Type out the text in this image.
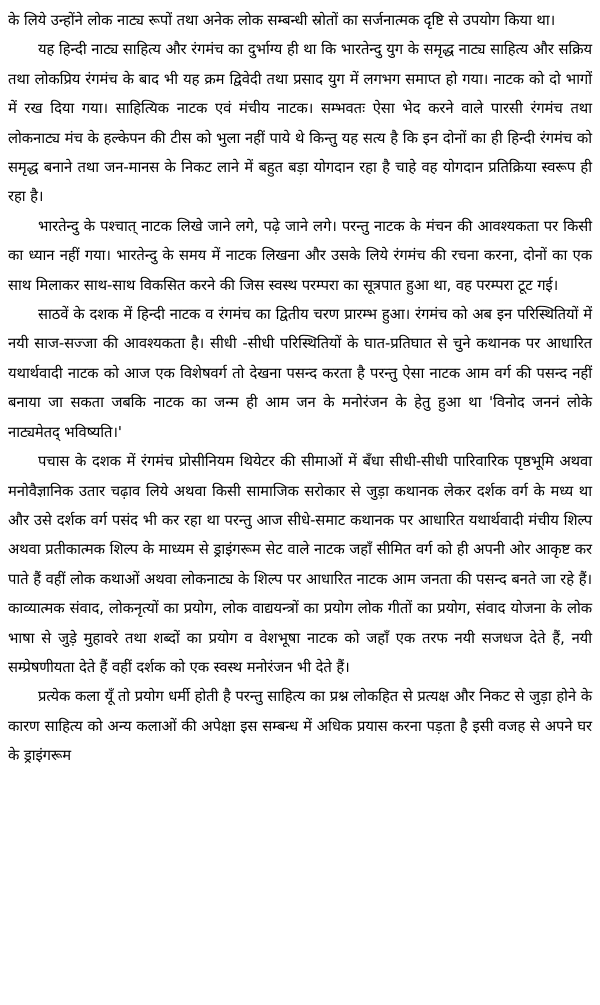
के लिये उन्होंने लोक नाट्य रूपों तथा अनेक लोक सम्बन्धी स्रोतों का सर्जनात्मक दृष्टि से उपयोग किया था।

यह हिन्दी नाट्य साहित्य और रंगमंच का दुर्भाग्य ही था कि भारतेन्दु युग के समृद्ध नाट्य साहित्य और सक्रिय तथा लोकप्रिय रंगमंच के बाद भी यह क्रम द्विवेदी तथा प्रसाद युग में लगभग समाप्त हो गया। नाटक को दो भागों में रख दिया गया। साहित्यिक नाटक एवं मंचीय नाटक। सम्भवतः ऐसा भेद करने वाले पारसी रंगमंच तथा लोकनाट्य मंच के हल्केपन की टीस को भुला नहीं पाये थे किन्तु यह सत्य है कि इन दोनों का ही हिन्दी रंगमंच को समृद्ध बनाने तथा जन-मानस के निकट लाने में बहुत बड़ा योगदान रहा है चाहे वह योगदान प्रतिक्रिया स्वरूप ही रहा है।

भारतेन्दु के पश्चात् नाटक लिखे जाने लगे, पढ़े जाने लगे। परन्तु नाटक के मंचन की आवश्यकता पर किसी का ध्यान नहीं गया। भारतेन्दु के समय में नाटक लिखना और उसके लिये रंगमंच की रचना करना, दोनों का एक साथ मिलाकर साथ-साथ विकसित करने की जिस स्वस्थ परम्परा का सूत्रपात हुआ था, वह परम्परा टूट गई।

साठवें के दशक में हिन्दी नाटक व रंगमंच का द्वितीय चरण प्रारम्भ हुआ। रंगमंच को अब इन परिस्थितियों में नयी साज-सज्जा की आवश्यकता है। सीधी -सीधी परिस्थितियों के घात-प्रतिघात से चुने कथानक पर आधारित यथार्थवादी नाटक को आज एक विशेषवर्ग तो देखना पसन्द करता है परन्तु ऐसा नाटक आम वर्ग की पसन्द नहीं बनाया जा सकता जबकि नाटक का जन्म ही आम जन के मनोरंजन के हेतु हुआ था 'विनोद जननं लोके नाट्यमेतद् भविष्यति।'

पचास के दशक में रंगमंच प्रोसीनियम थियेटर की सीमाओं में बँधा सीधी-सीधी पारिवारिक पृष्ठभूमि अथवा मनोवैज्ञानिक उतार चढ़ाव लिये अथवा किसी सामाजिक सरोकार से जुड़ा कथानक लेकर दर्शक वर्ग के मध्य था और उसे दर्शक वर्ग पसंद भी कर रहा था परन्तु आज सीधे-समाट कथानक पर आधारित यथार्थवादी मंचीय शिल्प अथवा प्रतीकात्मक शिल्प के माध्यम से ड्राइंगरूम सेट वाले नाटक जहाँ सीमित वर्ग को ही अपनी ओर आकृष्ट कर पाते हैं वहीं लोक कथाओं अथवा लोकनाट्य के शिल्प पर आधारित नाटक आम जनता की पसन्द बनते जा रहे हैं। काव्यात्मक संवाद, लोकनृत्यों का प्रयोग, लोक वाद्ययन्त्रों का प्रयोग लोक गीतों का प्रयोग, संवाद योजना के लोक भाषा से जुड़े मुहावरे तथा शब्दों का प्रयोग व वेशभूषा नाटक को जहाँ एक तरफ नयी सजधज देते हैं, नयी सम्प्रेषणीयता देते हैं वहीं दर्शक को एक स्वस्थ मनोरंजन भी देते हैं।

प्रत्येक कला यूँ तो प्रयोग धर्मी होती है परन्तु साहित्य का प्रश्न लोकहित से प्रत्यक्ष और निकट से जुड़ा होने के कारण साहित्य को अन्य कलाओं की अपेक्षा इस सम्बन्ध में अधिक प्रयास करना पड़ता है इसी वजह से अपने घर के ड्राइंगरूम
